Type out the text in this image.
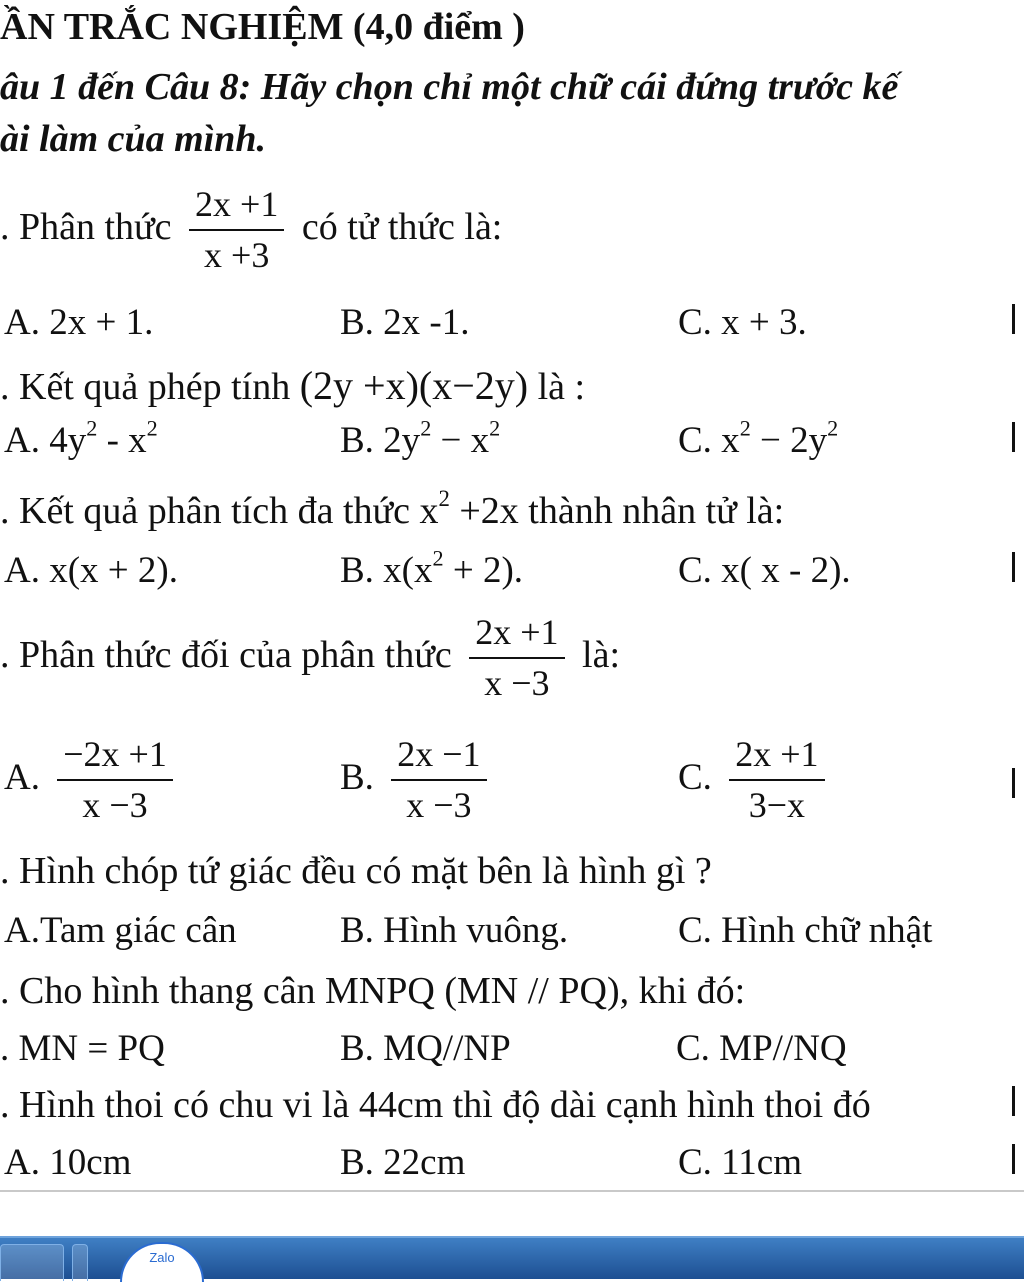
ẦN TRẮC NGHIỆM (4,0 điểm )
âu 1 đến Câu 8: Hãy chọn chỉ một chữ cái đứng trước kế
ài làm của mình.
. Phân thức $\frac{2x +1}{x +3}$ có tử thức là:
A. 2x + 1.	B. 2x -1.	C. x + 3.
. Kết quả phép tính (2y +x)(x−2y) là :
A. $4y^2 - x^2$	B. $2y^2 - x^2$	C. $x^2 - 2y^2$
. Kết quả phân tích đa thức $x^2 +2x$ thành nhân tử là:
A. x(x + 2).	B. $x(x^2 + 2)$.	C. x( x - 2).
. Phân thức đối của phân thức $\frac{2x +1}{x -3}$ là:
A. $\frac{-2x +1}{x -3}$	B. $\frac{2x -1}{x -3}$	C. $\frac{2x +1}{3-x}$
. Hình chóp tứ giác đều có mặt bên là hình gì ?
A.Tam giác cân	B. Hình vuông.	C. Hình chữ nhật
. Cho hình thang cân MNPQ (MN // PQ), khi đó:
. MN = PQ	B. MQ//NP	C. MP//NQ
. Hình thoi có chu vi là 44cm thì độ dài cạnh hình thoi đó
A. 10cm	B. 22cm	C. 11cm
Zalo
